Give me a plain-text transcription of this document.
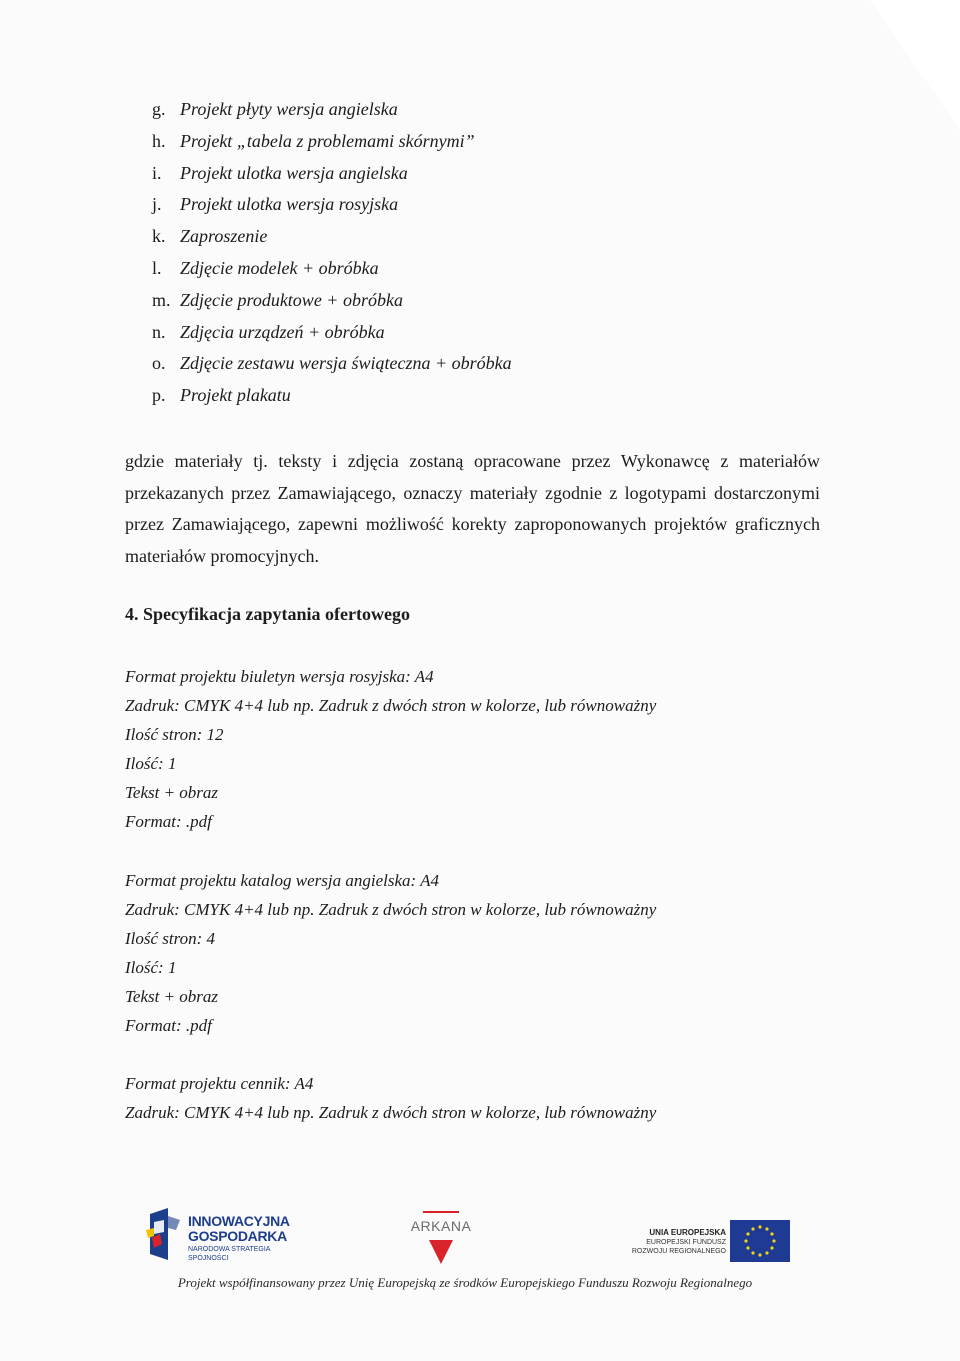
g. Projekt płyty wersja angielska
h. Projekt „tabela z problemami skórnymi”
i. Projekt ulotka wersja angielska
j. Projekt ulotka wersja rosyjska
k. Zaproszenie
l. Zdjęcie modelek + obróbka
m. Zdjęcie produktowe + obróbka
n. Zdjęcia urządzeń + obróbka
o. Zdjęcie zestawu wersja świąteczna + obróbka
p. Projekt plakatu

gdzie materiały tj. teksty i zdjęcia zostaną opracowane przez Wykonawcę z materiałów przekazanych przez Zamawiającego, oznaczy materiały zgodnie z logotypami dostarczonymi przez Zamawiającego, zapewni możliwość korekty zaproponowanych projektów graficznych materiałów promocyjnych.

4. Specyfikacja zapytania ofertowego
Format projektu biuletyn wersja rosyjska: A4
Zadruk: CMYK 4+4 lub np. Zadruk z dwóch stron w kolorze, lub równoważny
Ilość stron: 12
Ilość: 1
Tekst + obraz
Format: .pdf
Format projektu katalog wersja angielska: A4
Zadruk: CMYK 4+4 lub np. Zadruk z dwóch stron w kolorze, lub równoważny
Ilość stron: 4
Ilość: 1
Tekst + obraz
Format: .pdf
Format projektu cennik: A4
Zadruk: CMYK 4+4 lub np. Zadruk z dwóch stron w kolorze, lub równoważny
INNOWACYJNA
GOSPODARKA
NARODOWA STRATEGIA SPÓJNOŚCI
ARKANA	UNIA EUROPEJSKA
EUROPEJSKI FUNDUSZ
ROZWOJU REGIONALNEGO
Projekt współfinansowany przez Unię Europejską ze środków Europejskiego Funduszu Rozwoju Regionalnego
